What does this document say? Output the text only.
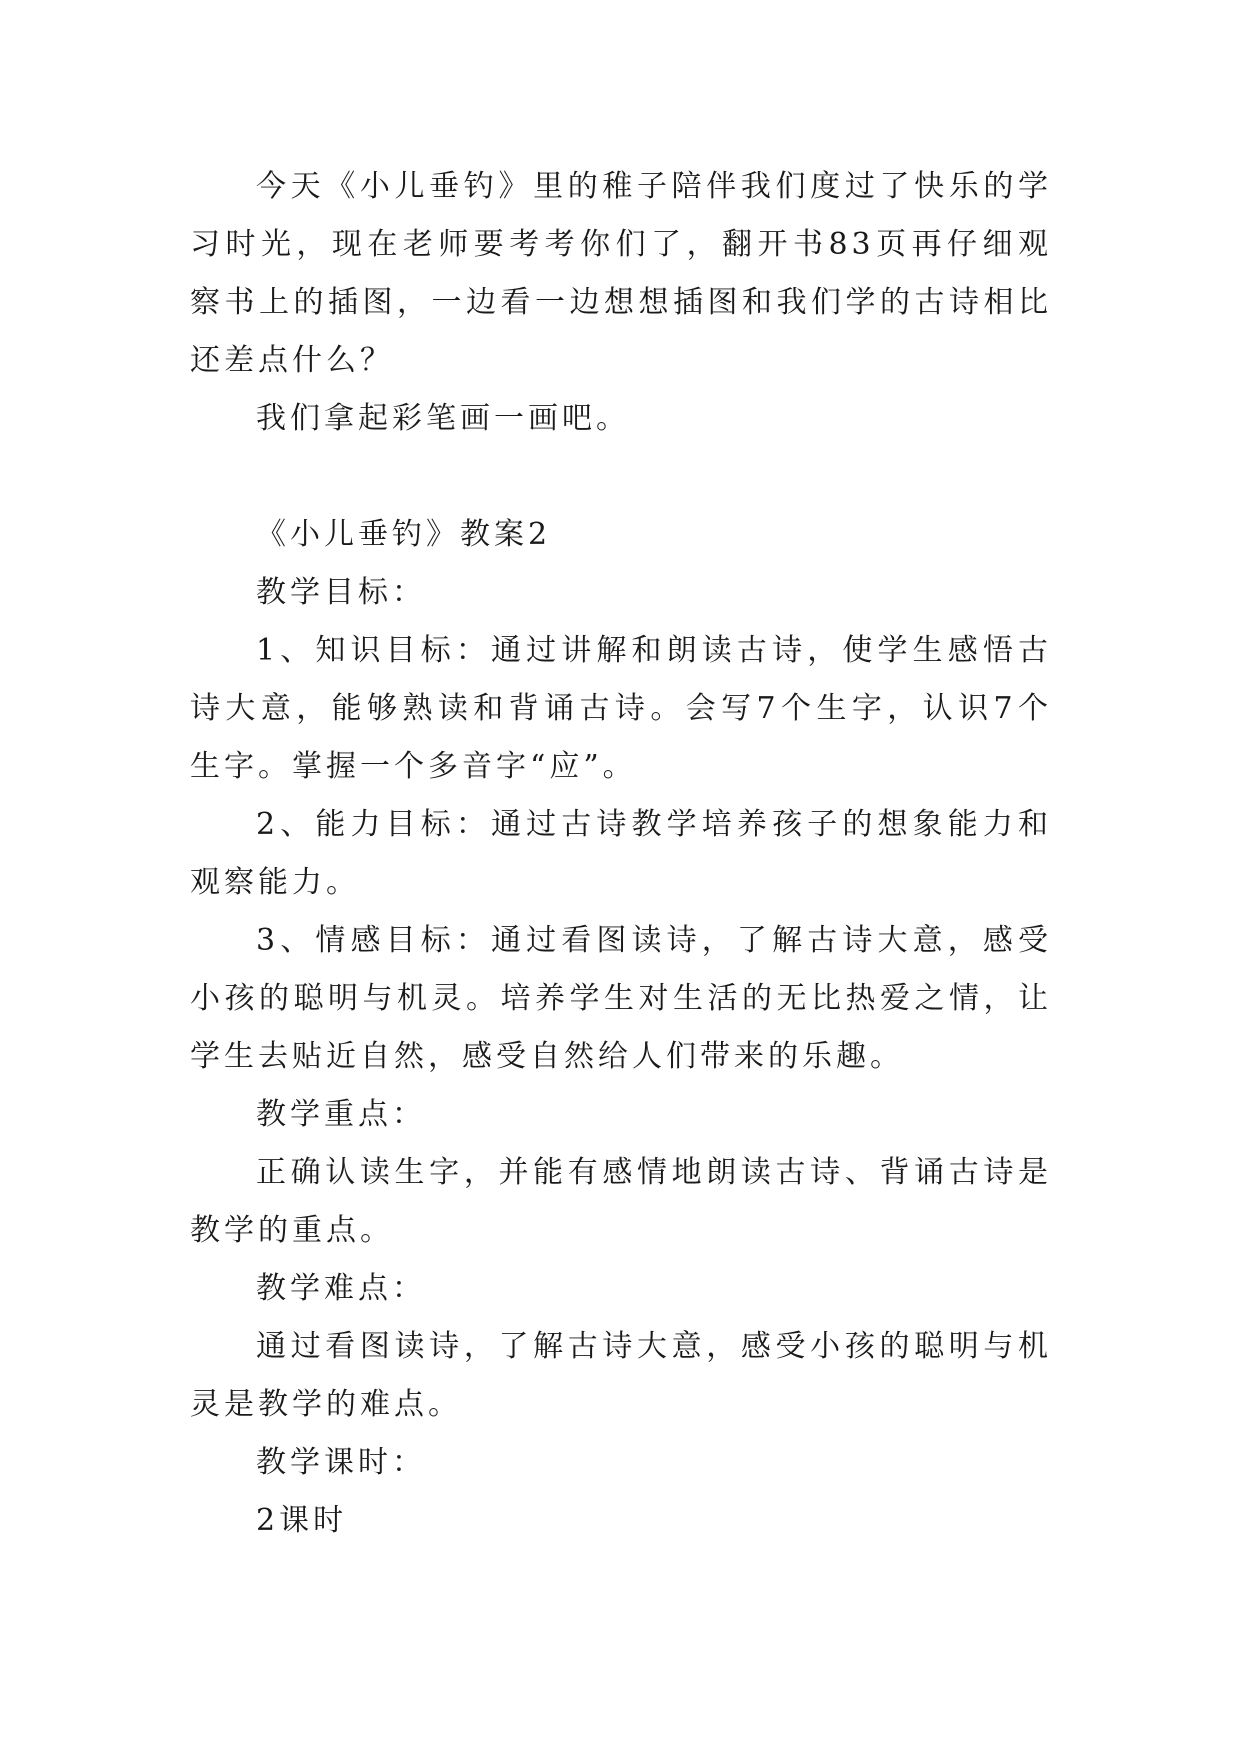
今天《小儿垂钓》里的稚子陪伴我们度过了快乐的学习时光，现在老师要考考你们了，翻开书83页再仔细观察书上的插图，一边看一边想想插图和我们学的古诗相比还差点什么？

我们拿起彩笔画一画吧。

《小儿垂钓》教案2

教学目标：

1、知识目标：通过讲解和朗读古诗，使学生感悟古诗大意，能够熟读和背诵古诗。会写7个生字，认识7个生字。掌握一个多音字“应”。

2、能力目标：通过古诗教学培养孩子的想象能力和观察能力。

3、情感目标：通过看图读诗，了解古诗大意，感受小孩的聪明与机灵。培养学生对生活的无比热爱之情，让学生去贴近自然，感受自然给人们带来的乐趣。

教学重点：

正确认读生字，并能有感情地朗读古诗、背诵古诗是教学的重点。

教学难点：

通过看图读诗，了解古诗大意，感受小孩的聪明与机灵是教学的难点。

教学课时：

2课时
